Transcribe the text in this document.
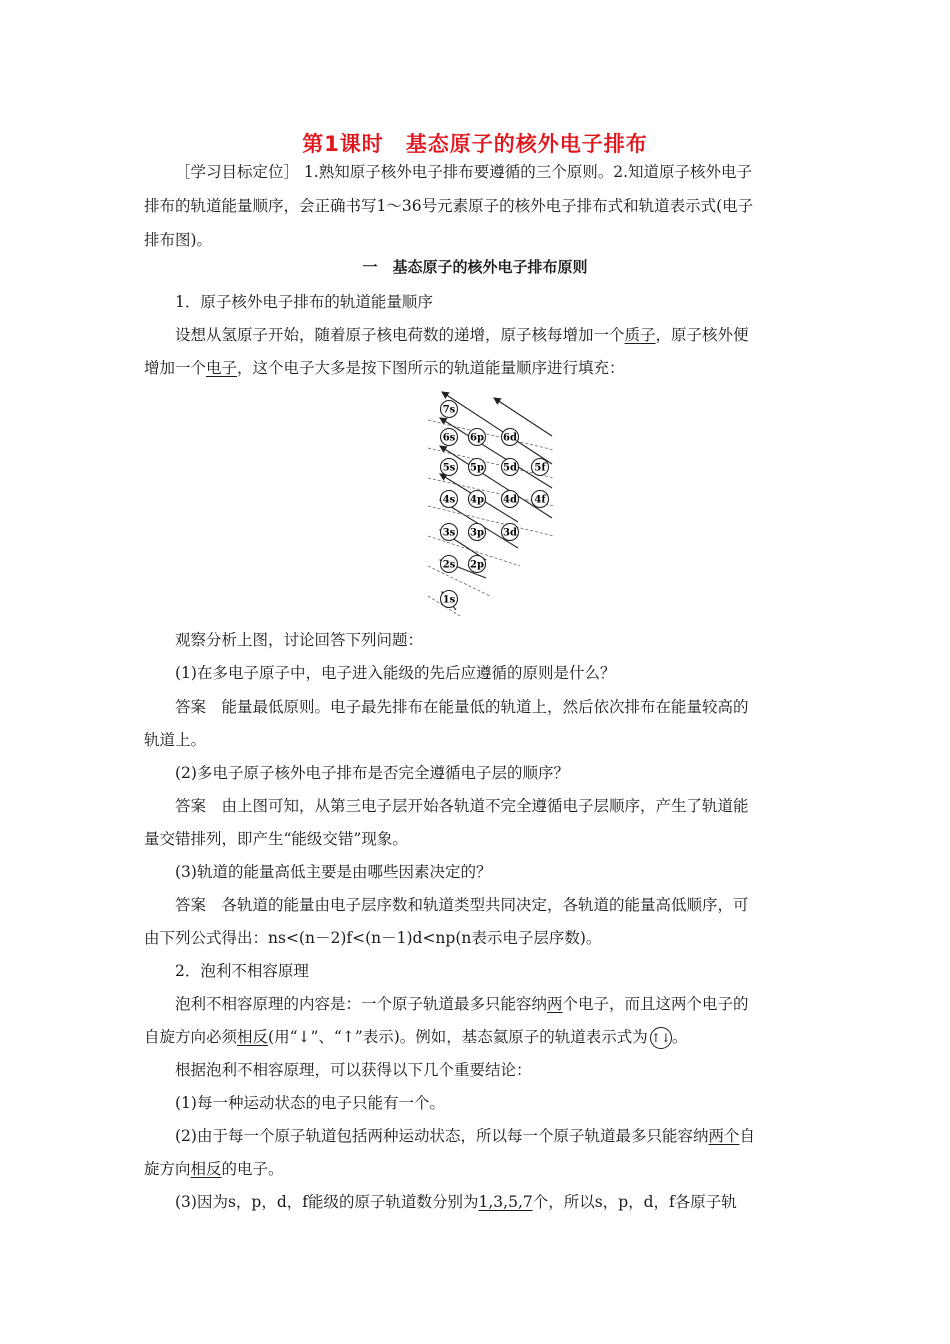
第1课时　基态原子的核外电子排布
［学习目标定位］ 1.熟知原子核外电子排布要遵循的三个原则。2.知道原子核外电子
排布的轨道能量顺序，会正确书写1～36号元素原子的核外电子排布式和轨道表示式(电子
排布图)。
一　基态原子的核外电子排布原则
1．原子核外电子排布的轨道能量顺序
设想从氢原子开始，随着原子核电荷数的递增，原子核每增加一个质子，原子核外便
增加一个电子，这个电子大多是按下图所示的轨道能量顺序进行填充：
7s
6s 6p 6d
5s 5p 5d 5f
4s 4p 4d 4f
3s 3p 3d
2s 2p
1s
观察分析上图，讨论回答下列问题：
(1)在多电子原子中，电子进入能级的先后应遵循的原则是什么？
答案　能量最低原则。电子最先排布在能量低的轨道上，然后依次排布在能量较高的
轨道上。
(2)多电子原子核外电子排布是否完全遵循电子层的顺序？
答案　由上图可知，从第三电子层开始各轨道不完全遵循电子层顺序，产生了轨道能
量交错排列，即产生“能级交错”现象。
(3)轨道的能量高低主要是由哪些因素决定的？
答案　各轨道的能量由电子层序数和轨道类型共同决定，各轨道的能量高低顺序，可
由下列公式得出：ns<(n－2)f<(n－1)d<np(n表示电子层序数)。
2．泡利不相容原理
泡利不相容原理的内容是：一个原子轨道最多只能容纳两个电子，而且这两个电子的
自旋方向必须相反(用“↓”、“↑”表示)。例如，基态氦原子的轨道表示式为 ↑↓。
根据泡利不相容原理，可以获得以下几个重要结论：
(1)每一种运动状态的电子只能有一个。
(2)由于每一个原子轨道包括两种运动状态，所以每一个原子轨道最多只能容纳两个自
旋方向相反的电子。
(3)因为s，p，d，f能级的原子轨道数分别为1,3,5,7个，所以s，p，d，f各原子轨
